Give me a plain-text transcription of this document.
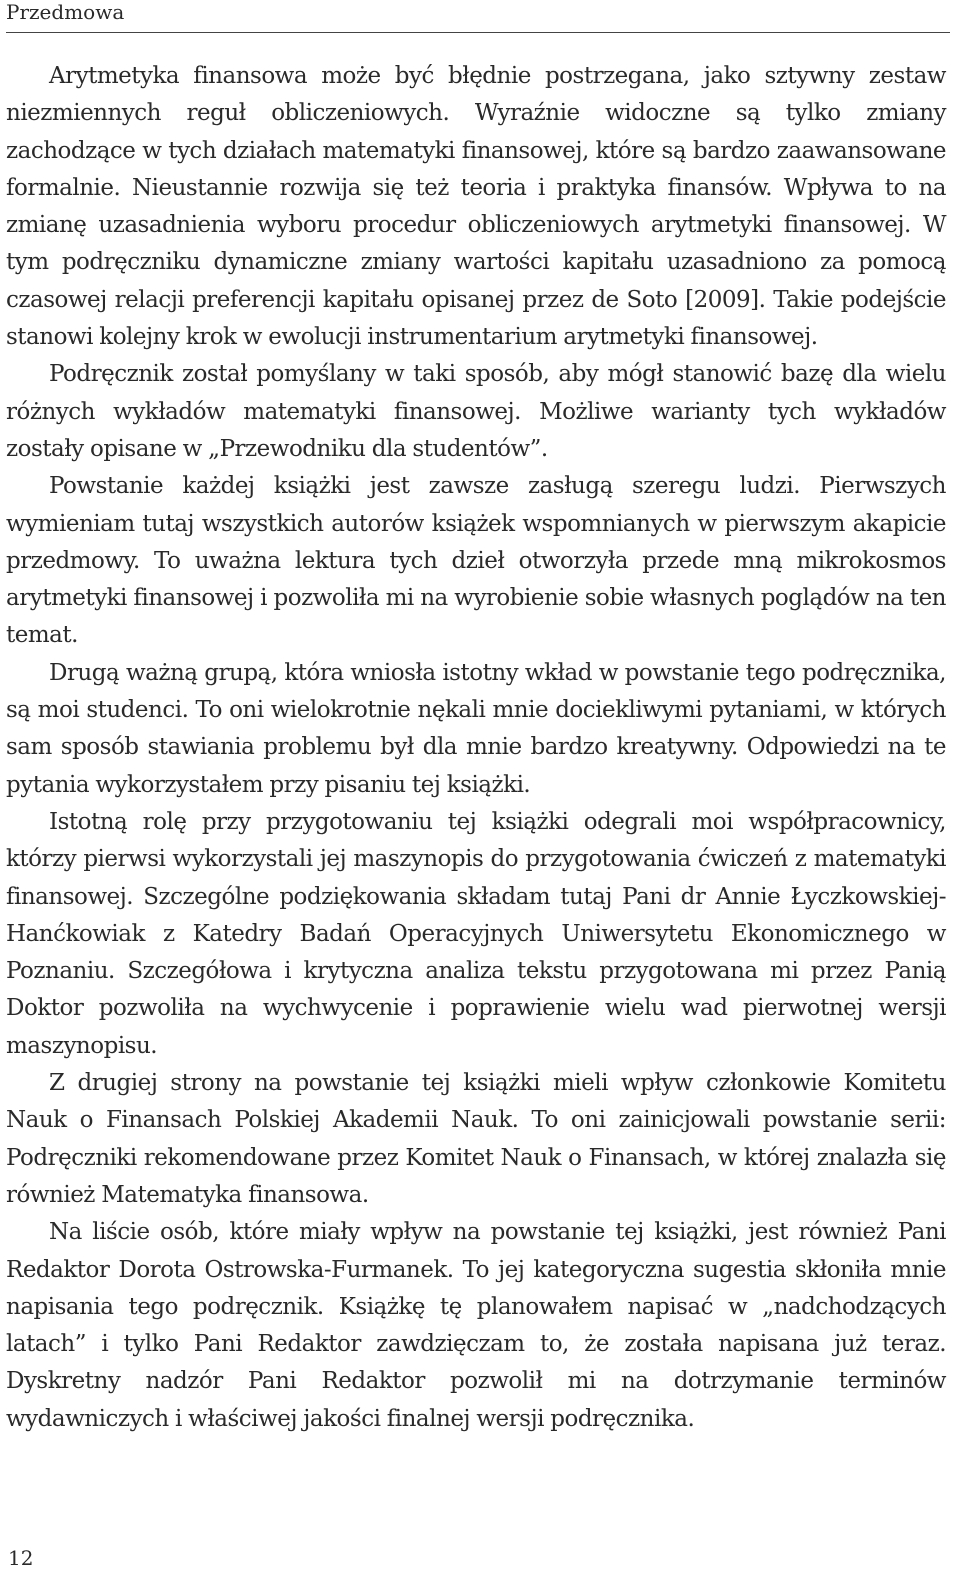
Przedmowa

Arytmetyka finansowa może być błędnie postrzegana, jako sztywny zestaw niezmiennych reguł obliczeniowych. Wyraźnie widoczne są tylko zmiany zachodzące w tych działach matematyki finansowej, które są bardzo zaawansowane formalnie. Nieustannie rozwija się też teoria i praktyka finansów. Wpływa to na zmianę uzasadnienia wyboru procedur obliczeniowych arytmetyki finansowej. W tym podręczniku dynamiczne zmiany wartości kapitału uzasadniono za pomocą czasowej relacji preferencji kapitału opisanej przez de Soto [2009]. Takie podejście stanowi kolejny krok w ewolucji instrumentarium arytmetyki finansowej.

Podręcznik został pomyślany w taki sposób, aby mógł stanowić bazę dla wielu różnych wykładów matematyki finansowej. Możliwe warianty tych wykładów zostały opisane w „Przewodniku dla studentów”.

Powstanie każdej książki jest zawsze zasługą szeregu ludzi. Pierwszych wymieniam tutaj wszystkich autorów książek wspomnianych w pierwszym akapicie przedmowy. To uważna lektura tych dzieł otworzyła przede mną mikrokosmos arytmetyki finansowej i pozwoliła mi na wyrobienie sobie własnych poglądów na ten temat.

Drugą ważną grupą, która wniosła istotny wkład w powstanie tego podręcznika, są moi studenci. To oni wielokrotnie nękali mnie dociekliwymi pytaniami, w których sam sposób stawiania problemu był dla mnie bardzo kreatywny. Odpowiedzi na te pytania wykorzystałem przy pisaniu tej książki.

Istotną rolę przy przygotowaniu tej książki odegrali moi współpracownicy, którzy pierwsi wykorzystali jej maszynopis do przygotowania ćwiczeń z matematyki finansowej. Szczególne podziękowania składam tutaj Pani dr Annie Łyczkowskiej-Hanćkowiak z Katedry Badań Operacyjnych Uniwersytetu Ekonomicznego w Poznaniu. Szczegółowa i krytyczna analiza tekstu przygotowana mi przez Panią Doktor pozwoliła na wychwycenie i poprawienie wielu wad pierwotnej wersji maszynopisu.

Z drugiej strony na powstanie tej książki mieli wpływ członkowie Komitetu Nauk o Finansach Polskiej Akademii Nauk. To oni zainicjowali powstanie serii: Podręczniki rekomendowane przez Komitet Nauk o Finansach, w której znalazła się również Matematyka finansowa.

Na liście osób, które miały wpływ na powstanie tej książki, jest również Pani Redaktor Dorota Ostrowska-Furmanek. To jej kategoryczna sugestia skłoniła mnie napisania tego podręcznik. Książkę tę planowałem napisać w „nadchodzących latach” i tylko Pani Redaktor zawdzięczam to, że została napisana już teraz. Dyskretny nadzór Pani Redaktor pozwolił mi na dotrzymanie terminów wydawniczych i właściwej jakości finalnej wersji podręcznika.

12
